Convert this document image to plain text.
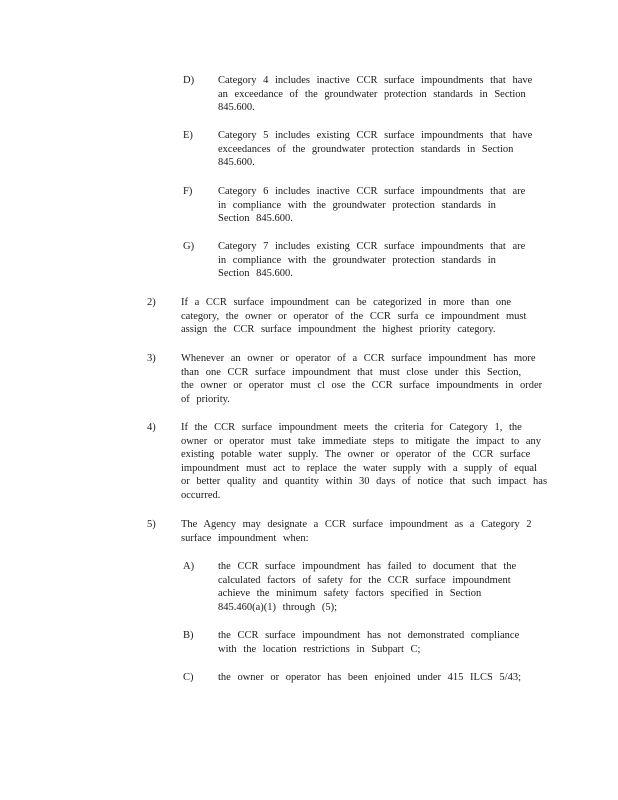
D) Category 4 includes inactive CCR surface impoundments that have
an exceedance of the groundwater protection standards in Section
845.600.
E) Category 5 includes existing CCR surface impoundments that have
exceedances of the groundwater protection standards in Section
845.600.
F) Category 6 includes inactive CCR surface impoundments that are
in compliance with the groundwater protection standards in
Section 845.600.
G) Category 7 includes existing CCR surface impoundments that are
in compliance with the groundwater protection standards in
Section 845.600.
2) If a CCR surface impoundment can be categorized in more than one
category, the owner or operator of the CCR surfa ce impoundment must
assign the CCR surface impoundment the highest priority category.
3) Whenever an owner or operator of a CCR surface impoundment has more
than one CCR surface impoundment that must close under this Section,
the owner or operator must cl ose the CCR surface impoundments in order
of priority.
4) If the CCR surface impoundment meets the criteria for Category 1, the
owner or operator must take immediate steps to mitigate the impact to any
existing potable water supply. The owner or operator of the CCR surface
impoundment must act to replace the water supply with a supply of equal
or better quality and quantity within 30 days of notice that such impact has
occurred.
5) The Agency may designate a CCR surface impoundment as a Category 2
surface impoundment when:
A) the CCR surface impoundment has failed to document that the
calculated factors of safety for the CCR surface impoundment
achieve the minimum safety factors specified in Section
845.460(a)(1) through (5);
B) the CCR surface impoundment has not demonstrated compliance
with the location restrictions in Subpart C;
C) the owner or operator has been enjoined under 415 ILCS 5/43;
